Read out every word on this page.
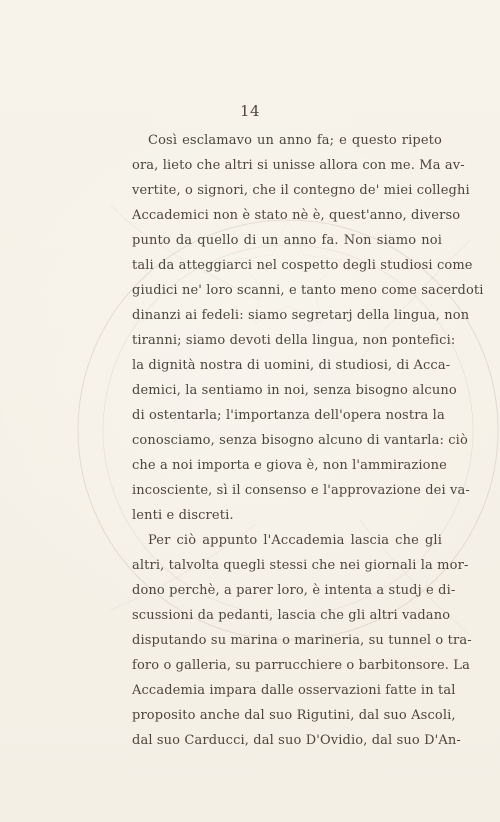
14
Così esclamavo un anno fa; e questo ripeto
ora, lieto che altri si unisse allora con me. Ma av-
vertite, o signori, che il contegno de' miei colleghi
Accademici non è stato nè è, quest'anno, diverso
punto da quello di un anno fa. Non siamo noi
tali da atteggiarci nel cospetto degli studiosi come
giudici ne' loro scanni, e tanto meno come sacerdoti
dinanzi ai fedeli: siamo segretarj della lingua, non
tiranni; siamo devoti della lingua, non pontefici:
la dignità nostra di uomini, di studiosi, di Acca-
demici, la sentiamo in noi, senza bisogno alcuno
di ostentarla; l'importanza dell'opera nostra la
conosciamo, senza bisogno alcuno di vantarla: ciò
che a noi importa e giova è, non l'ammirazione
incosciente, sì il consenso e l'approvazione dei va-
lenti e discreti.
Per ciò appunto l'Accademia lascia che gli
altri, talvolta quegli stessi che nei giornali la mor-
dono perchè, a parer loro, è intenta a studj e di-
scussioni da pedanti, lascia che gli altri vadano
disputando su marina o marineria, su tunnel o tra-
foro o galleria, su parrucchiere o barbitonsore. La
Accademia impara dalle osservazioni fatte in tal
proposito anche dal suo Rigutini, dal suo Ascoli,
dal suo Carducci, dal suo D'Ovidio, dal suo D'An-
